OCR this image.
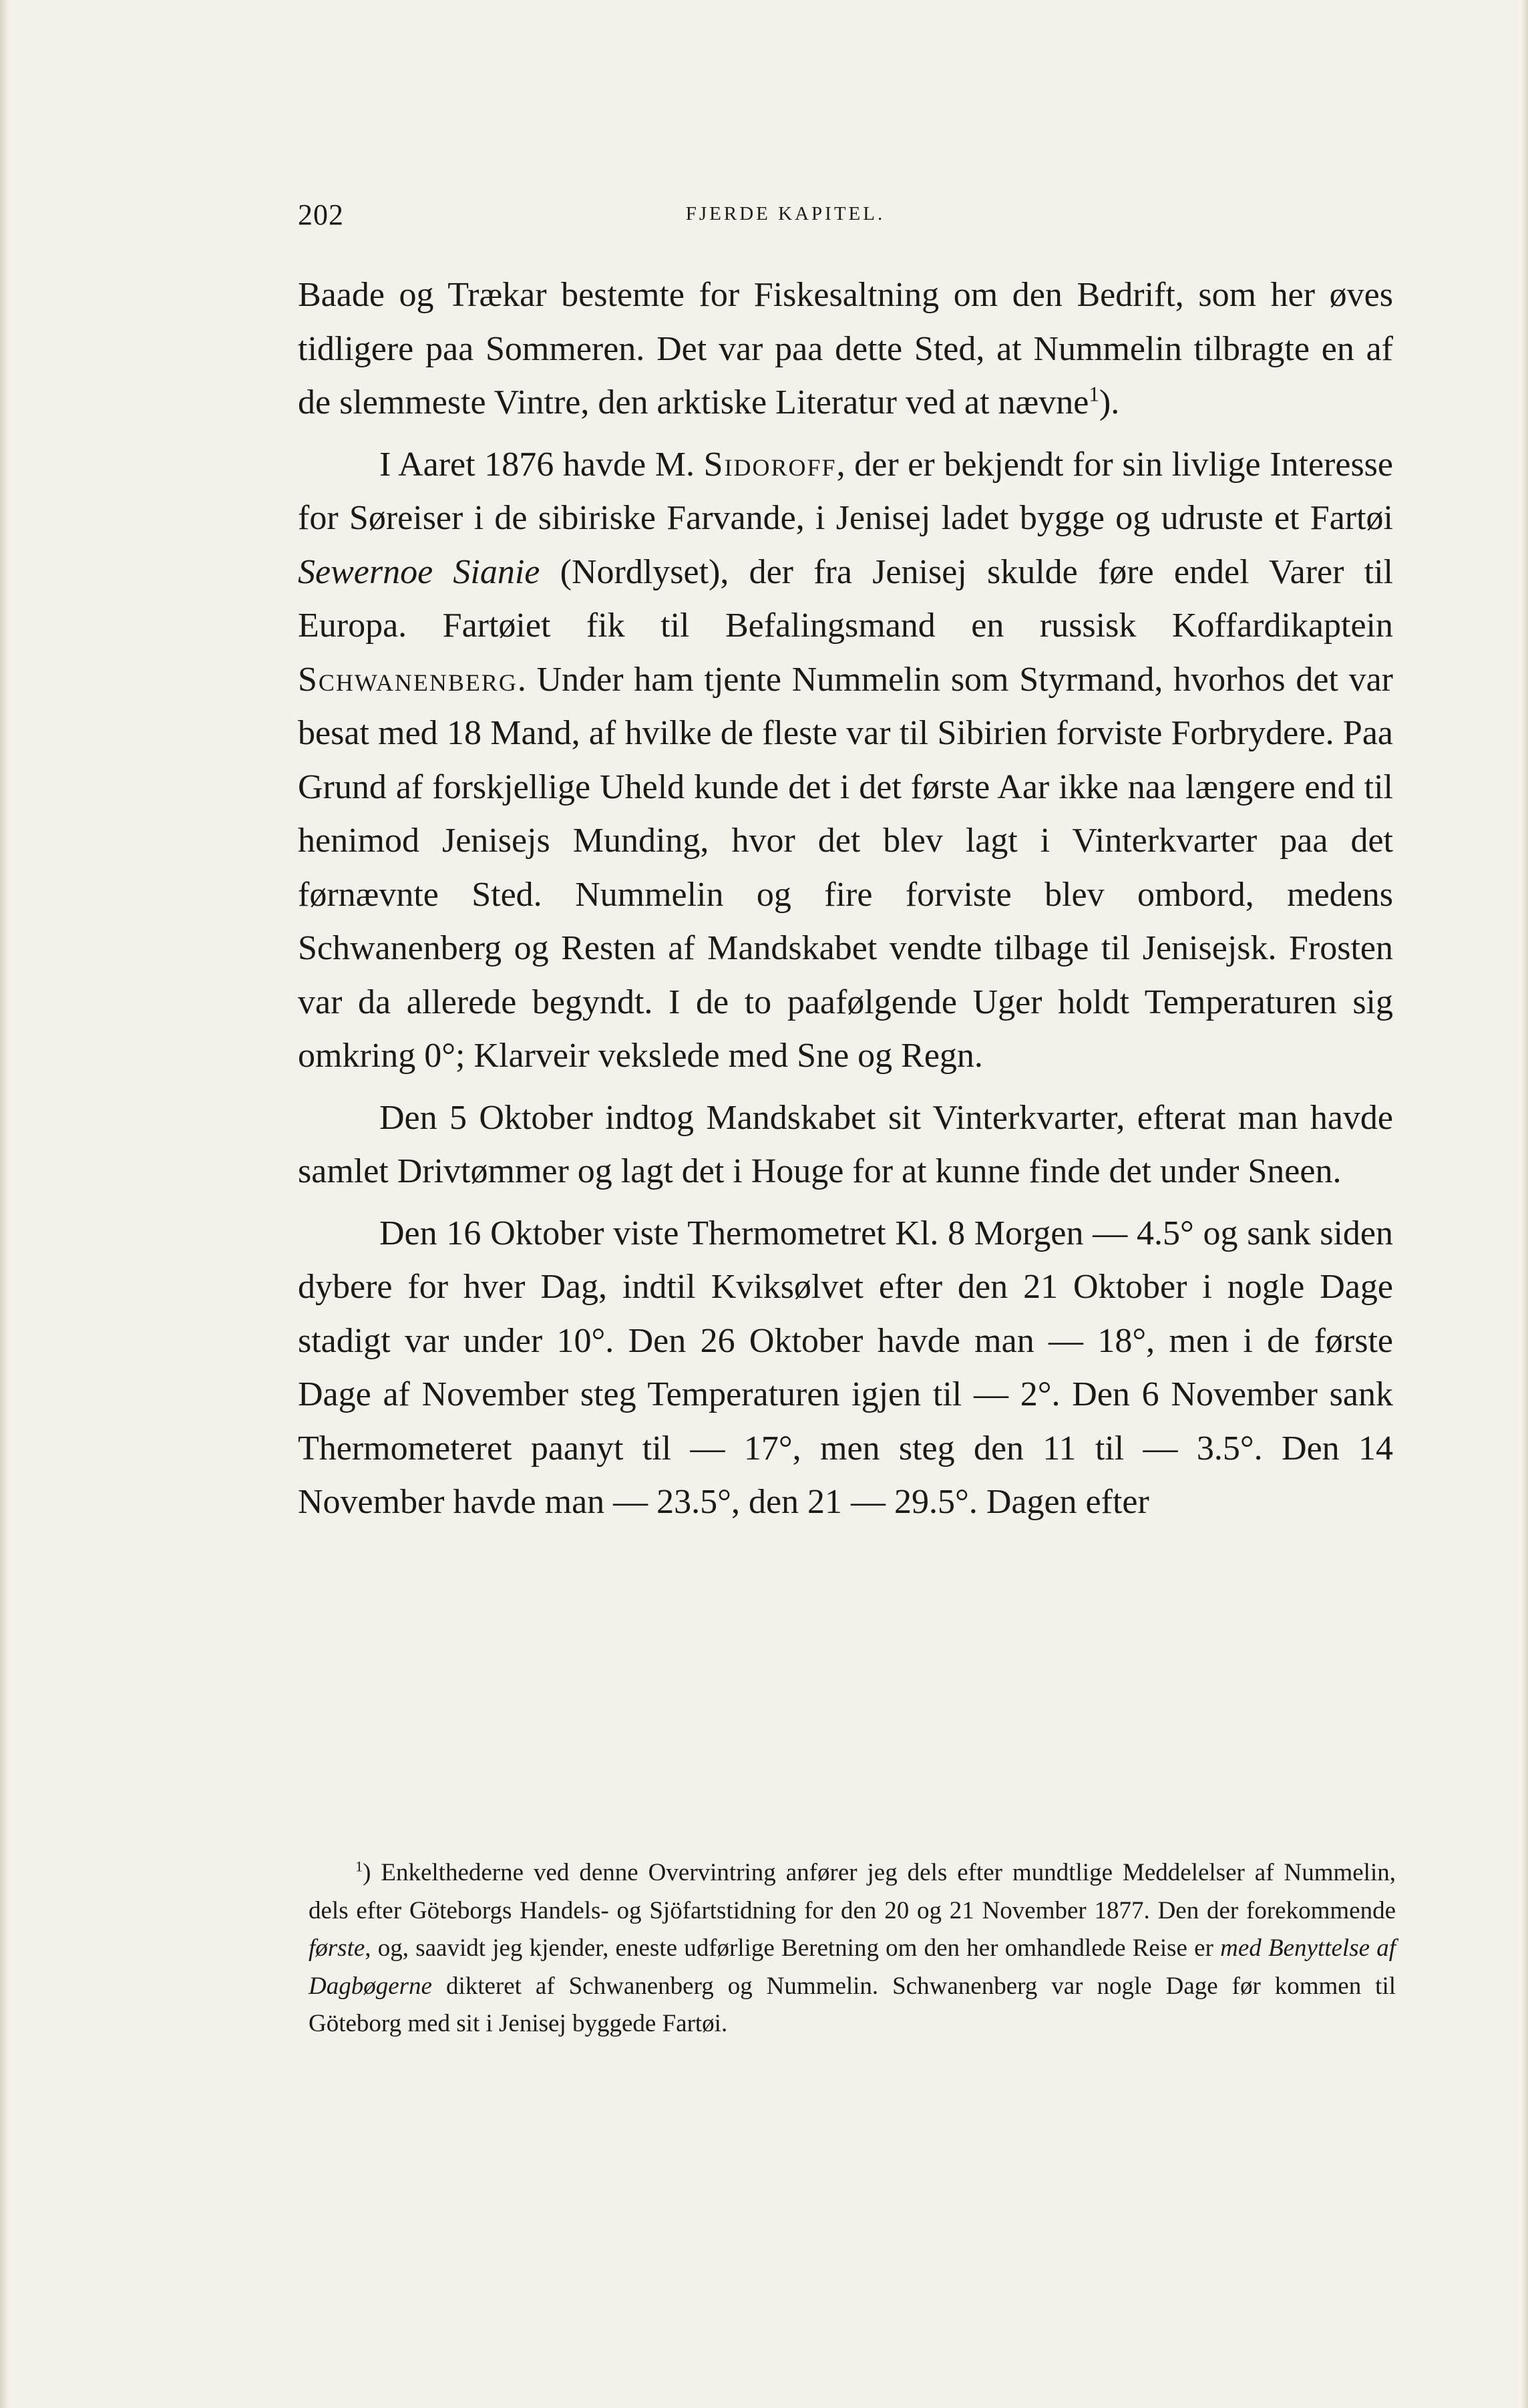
202	FJERDE KAPITEL.

Baade og Trækar bestemte for Fiskesaltning om den Bedrift, som her øves tidligere paa Sommeren. Det var paa dette Sted, at Nummelin tilbragte en af de slemmeste Vintre, den arktiske Literatur ved at nævne$^1$).

I Aaret 1876 havde M. Sidoroff, der er bekjendt for sin livlige Interesse for Søreiser i de sibiriske Farvande, i Jenisej ladet bygge og udruste et Fartøi Sewernoe Sianie (Nordlyset), der fra Jenisej skulde føre endel Varer til Europa. Fartøiet fik til Befalingsmand en russisk Koffardikaptein Schwanenberg. Under ham tjente Nummelin som Styrmand, hvorhos det var besat med 18 Mand, af hvilke de fleste var til Sibirien forviste Forbrydere. Paa Grund af forskjellige Uheld kunde det i det første Aar ikke naa længere end til henimod Jenisejs Munding, hvor det blev lagt i Vinterkvarter paa det førnævnte Sted. Nummelin og fire forviste blev ombord, medens Schwanenberg og Resten af Mandskabet vendte tilbage til Jenisejsk. Frosten var da allerede begyndt. I de to paafølgende Uger holdt Temperaturen sig omkring 0°; Klarveir vekslede med Sne og Regn.

Den 5 Oktober indtog Mandskabet sit Vinterkvarter, efterat man havde samlet Drivtømmer og lagt det i Houge for at kunne finde det under Sneen.

Den 16 Oktober viste Thermometret Kl. 8 Morgen — 4.5° og sank siden dybere for hver Dag, indtil Kviksølvet efter den 21 Oktober i nogle Dage stadigt var under 10°. Den 26 Oktober havde man — 18°, men i de første Dage af November steg Temperaturen igjen til — 2°. Den 6 November sank Thermometeret paanyt til — 17°, men steg den 11 til — 3.5°. Den 14 November havde man — 23.5°, den 21 — 29.5°. Dagen efter

$^1$) Enkelthederne ved denne Overvintring anfører jeg dels efter mundtlige Meddelelser af Nummelin, dels efter Göteborgs Handels- og Sjöfartstidning for den 20 og 21 November 1877. Den der forekommende første, og, saavidt jeg kjender, eneste udførlige Beretning om den her omhandlede Reise er med Benyttelse af Dagbøgerne dikteret af Schwanenberg og Nummelin. Schwanenberg var nogle Dage før kommen til Göteborg med sit i Jenisej byggede Fartøi.
